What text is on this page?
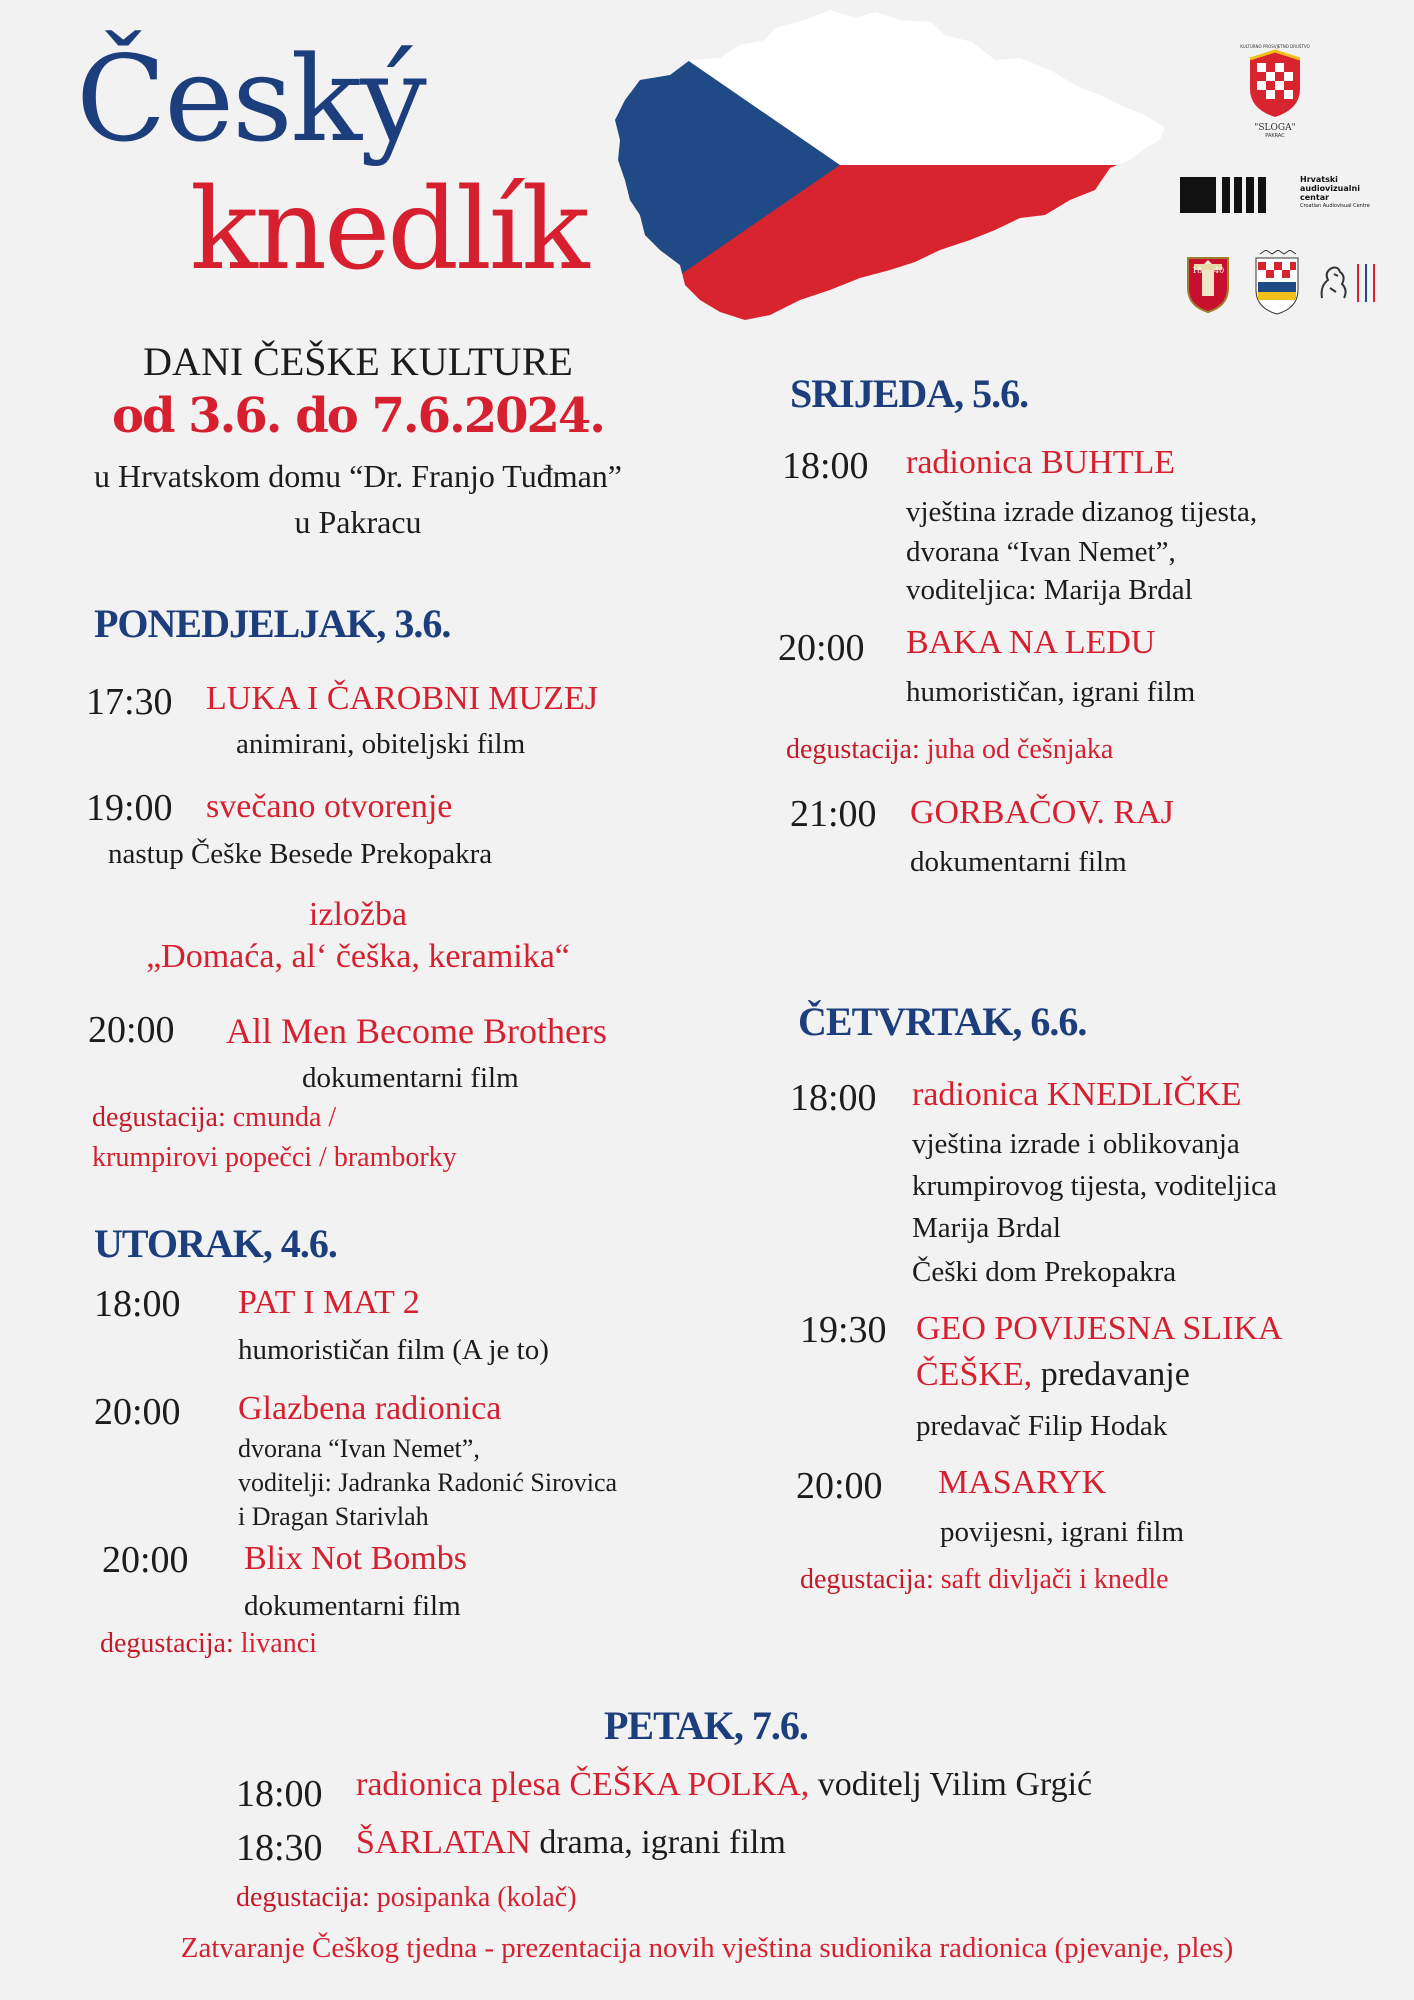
Český
knedlík
KULTURNO PROSVJETNO DRUŠTVO
"SLOGA"
PAKRAC
Hrvatski
audiovizualni
centar
Croatian Audiovisual Centre
18 40
DANI ČEŠKE KULTURE
od 3.6. do 7.6.2024.
u Hrvatskom domu “Dr. Franjo Tuđman”
u Pakracu
PONEDJELJAK, 3.6.
17:30 LUKA I ČAROBNI MUZEJ
animirani, obiteljski film
19:00 svečano otvorenje
nastup Češke Besede Prekopakra
izložba
„Domaća, al‘ češka, keramika“
20:00 All Men Become Brothers
dokumentarni film
degustacija: cmunda /
krumpirovi popečci / bramborky
UTORAK, 4.6.
18:00 PAT I MAT 2
humorističan film (A je to)
20:00 Glazbena radionica
dvorana “Ivan Nemet”,
voditelji: Jadranka Radonić Sirovica
i Dragan Starivlah
20:00 Blix Not Bombs
dokumentarni film
degustacija: livanci
SRIJEDA, 5.6.
18:00 radionica BUHTLE
vještina izrade dizanog tijesta,
dvorana “Ivan Nemet”,
voditeljica: Marija Brdal
20:00 BAKA NA LEDU
humorističan, igrani film
degustacija: juha od češnjaka
21:00 GORBAČOV. RAJ
dokumentarni film
ČETVRTAK, 6.6.
18:00 radionica KNEDLIČKE
vještina izrade i oblikovanja
krumpirovog tijesta, voditeljica
Marija Brdal
Češki dom Prekopakra
19:30 GEO POVIJESNA SLIKA
ČEŠKE, predavanje
predavač Filip Hodak
20:00 MASARYK
povijesni, igrani film
degustacija: saft divljači i knedle
PETAK, 7.6.
18:00 radionica plesa ČEŠKA POLKA, voditelj Vilim Grgić
18:30 ŠARLATAN drama, igrani film
degustacija: posipanka (kolač)
Zatvaranje Češkog tjedna - prezentacija novih vještina sudionika radionica (pjevanje, ples)
